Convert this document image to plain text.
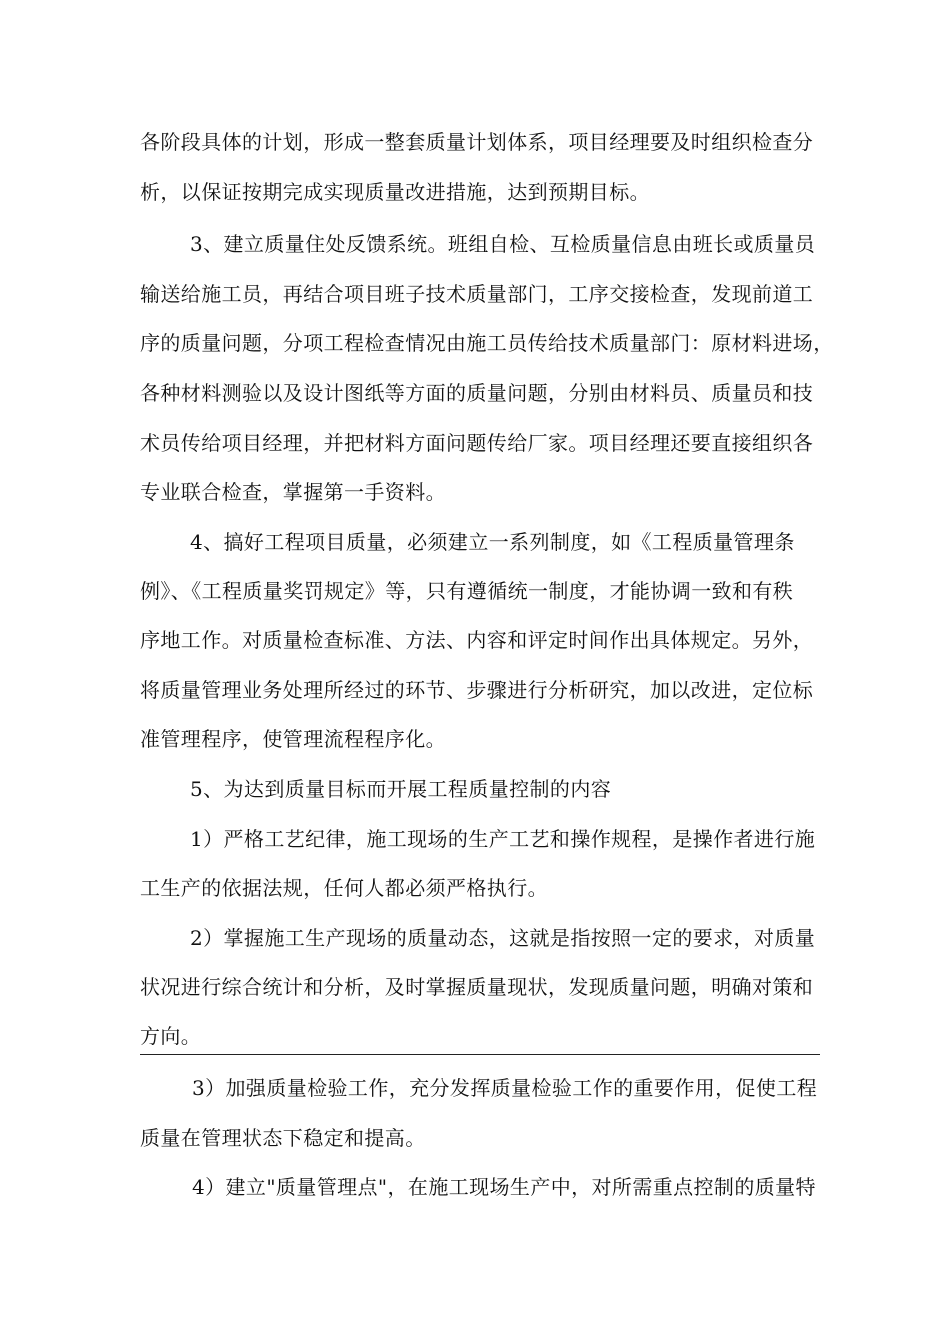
各阶段具体的计划，形成一整套质量计划体系，项目经理要及时组织检查分
析，以保证按期完成实现质量改进措施，达到预期目标。
3、建立质量住处反馈系统。班组自检、互检质量信息由班长或质量员
输送给施工员，再结合项目班子技术质量部门，工序交接检查，发现前道工
序的质量问题，分项工程检查情况由施工员传给技术质量部门：原材料进场，
各种材料测验以及设计图纸等方面的质量问题，分别由材料员、质量员和技
术员传给项目经理，并把材料方面问题传给厂家。项目经理还要直接组织各
专业联合检查，掌握第一手资料。
4、搞好工程项目质量，必须建立一系列制度，如《工程质量管理条
例》、《工程质量奖罚规定》等，只有遵循统一制度，才能协调一致和有秩
序地工作。对质量检查标准、方法、内容和评定时间作出具体规定。另外，
将质量管理业务处理所经过的环节、步骤进行分析研究，加以改进，定位标
准管理程序，使管理流程程序化。
5、为达到质量目标而开展工程质量控制的内容
1）严格工艺纪律，施工现场的生产工艺和操作规程，是操作者进行施
工生产的依据法规，任何人都必须严格执行。
2）掌握施工生产现场的质量动态，这就是指按照一定的要求，对质量
状况进行综合统计和分析，及时掌握质量现状，发现质量问题，明确对策和
方向。
3）加强质量检验工作，充分发挥质量检验工作的重要作用，促使工程
质量在管理状态下稳定和提高。
4）建立"质量管理点"，在施工现场生产中，对所需重点控制的质量特
